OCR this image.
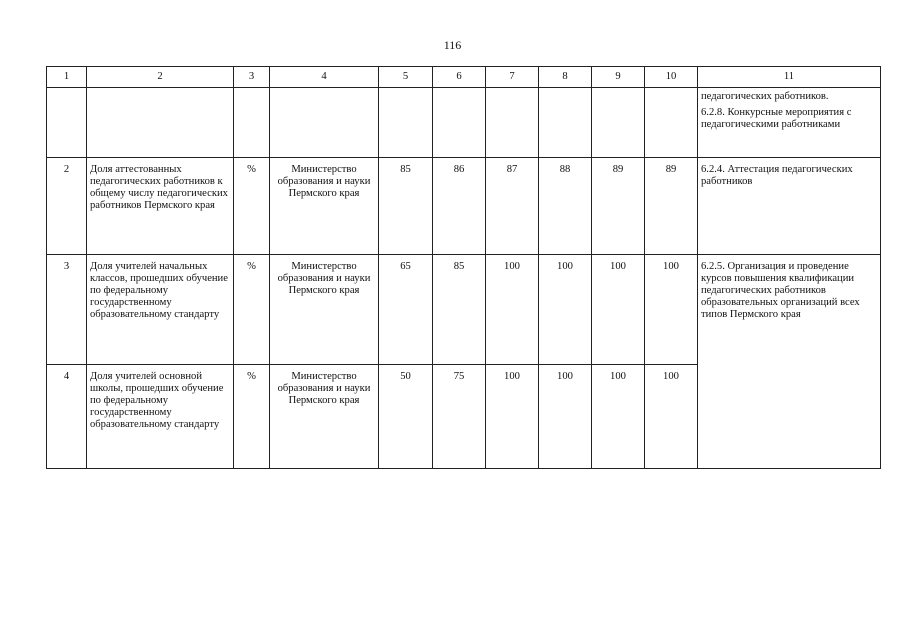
116
1	2	3	4	5	6	7	8	9	10	11

										педагогических работников.
6.2.8. Конкурсные мероприятия с педагогическими работниками

2	Доля аттестованных педагогических работников к общему числу педагогических работников Пермского края	%	Министерство образования и науки Пермского края	85	86	87	88	89	89	6.2.4. Аттестация педагогических работников
3	Доля учителей начальных классов, прошедших обучение по федеральному государственному образовательному стандарту	%	Министерство образования и науки Пермского края	65	85	100	100	100	100	6.2.5. Организация и проведение курсов повышения квалификации педагогических работников образовательных организаций всех типов Пермского края
4	Доля учителей основной школы, прошедших обучение по федеральному государственному образовательному стандарту	%	Министерство образования и науки Пермского края	50	75	100	100	100	100	
